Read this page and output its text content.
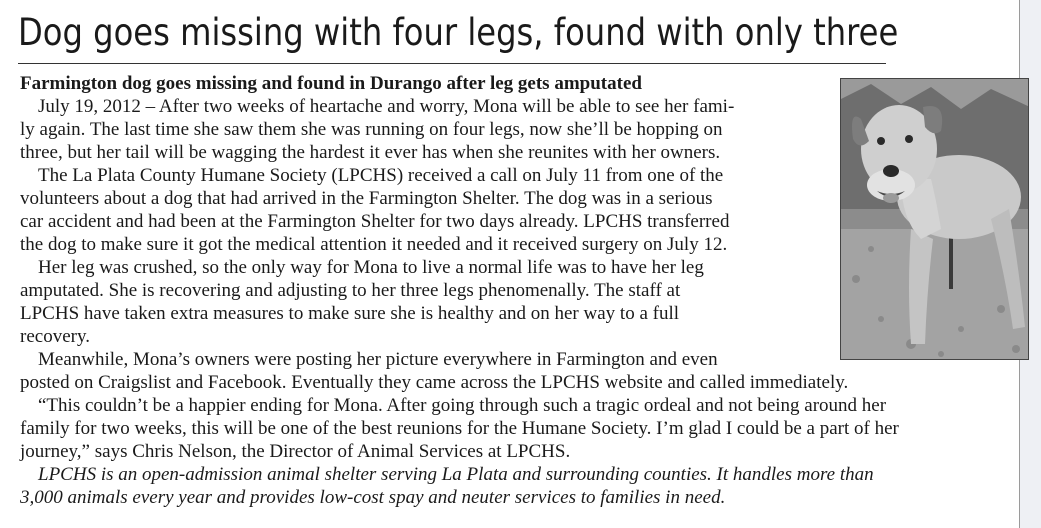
Dog goes missing with four legs, found with only three

Farmington dog goes missing and found in Durango after leg gets amputated

July 19, 2012 – After two weeks of heartache and worry, Mona will be able to see her fami-
ly again. The last time she saw them she was running on four legs, now she’ll be hopping on
three, but her tail will be wagging the hardest it ever has when she reunites with her owners.
The La Plata County Humane Society (LPCHS) received a call on July 11 from one of the
volunteers about a dog that had arrived in the Farmington Shelter. The dog was in a serious
car accident and had been at the Farmington Shelter for two days already. LPCHS transferred
the dog to make sure it got the medical attention it needed and it received surgery on July 12.
Her leg was crushed, so the only way for Mona to live a normal life was to have her leg
amputated. She is recovering and adjusting to her three legs phenomenally. The staff at
LPCHS have taken extra measures to make sure she is healthy and on her way to a full
recovery.
Meanwhile, Mona’s owners were posting her picture everywhere in Farmington and even
posted on Craigslist and Facebook. Eventually they came across the LPCHS website and called immediately.
“This couldn’t be a happier ending for Mona. After going through such a tragic ordeal and not being around her
family for two weeks, this will be one of the best reunions for the Humane Society. I’m glad I could be a part of her
journey,” says Chris Nelson, the Director of Animal Services at LPCHS.
LPCHS is an open-admission animal shelter serving La Plata and surrounding counties. It handles more than
3,000 animals every year and provides low-cost spay and neuter services to families in need.
